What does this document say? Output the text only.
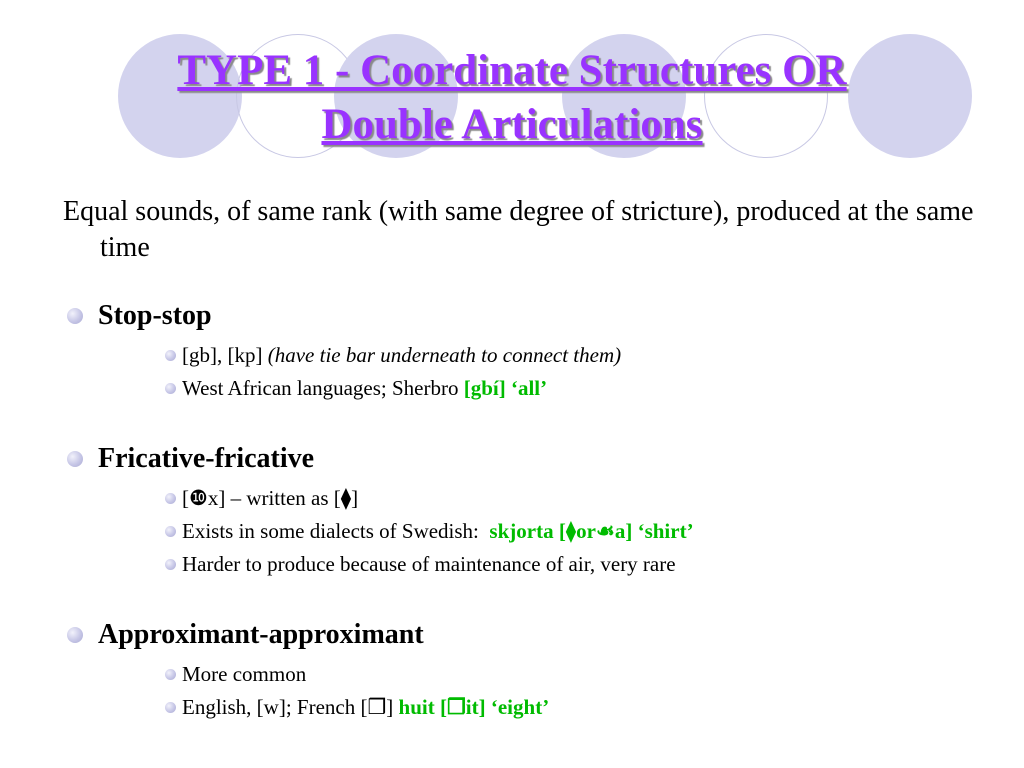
TYPE 1 - Coordinate Structures OR
Double Articulations

Equal sounds, of same rank (with same degree of stricture), produced at the same time

Stop-stop
[gb], [kp] (have tie bar underneath to connect them)
West African languages; Sherbro [gbí] ‘all’
Fricative-fricative
[❿x] – written as [⧫]
Exists in some dialects of Swedish: skjorta [⧫or☙a] ‘shirt’
Harder to produce because of maintenance of air, very rare
Approximant-approximant
More common
English, [w]; French [❒] huit [❒it] ‘eight’
